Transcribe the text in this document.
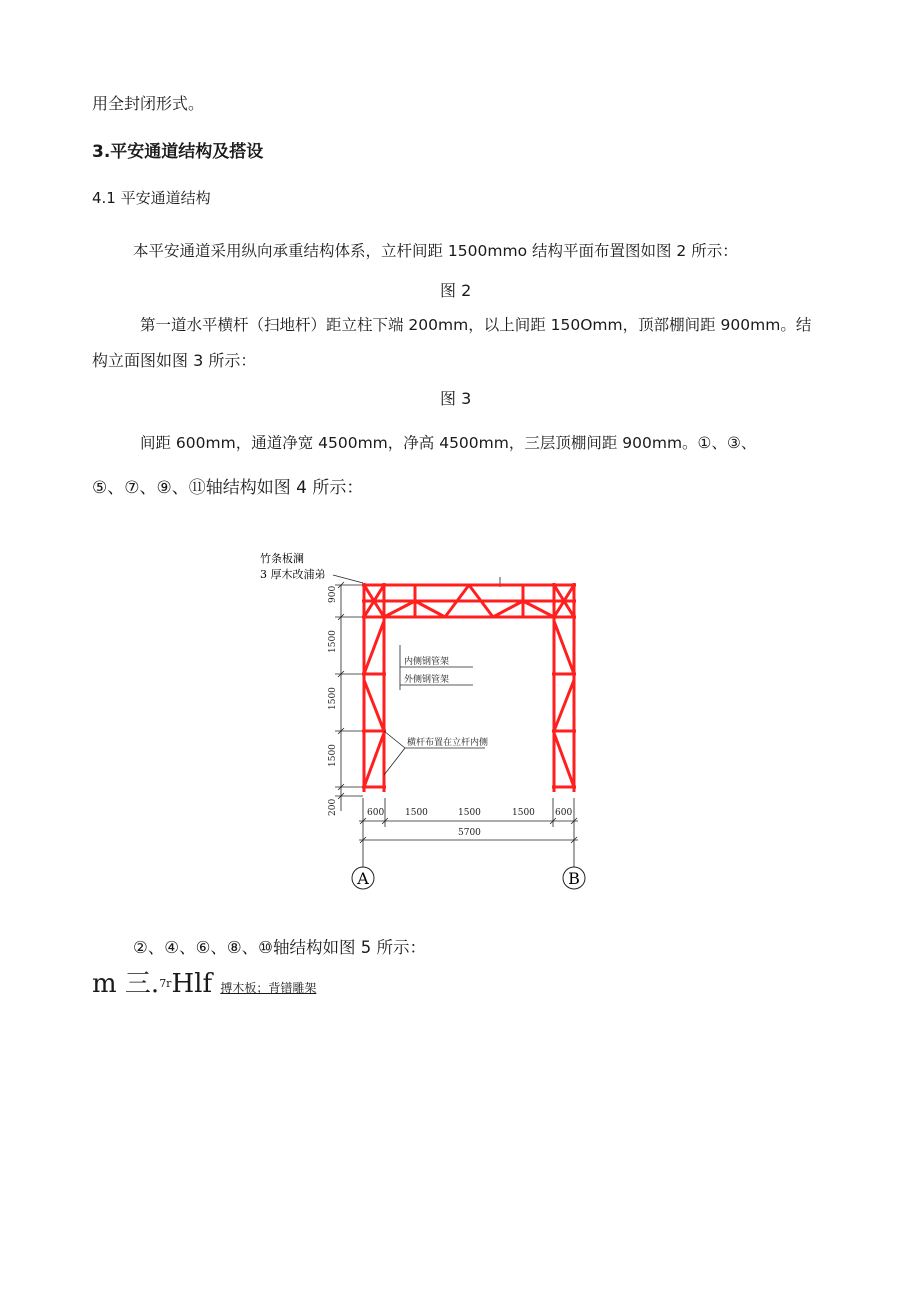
用全封闭形式。
3.平安通道结构及搭设
4.1 平安通道结构
本平安通道采用纵向承重结构体系，立杆间距 1500mmo 结构平面布置图如图 2 所示：
图 2
第一道水平横杆（扫地杆）距立柱下端 200mm，以上间距 150Omm，顶部棚间距 900mm。结
构立面图如图 3 所示：
图 3
间距 600mm，通道净宽 4500mm，净高 4500mm，三层顶棚间距 900mm。①、③、
⑤、⑦、⑨、⑪轴结构如图 4 所示：
竹条板澜
3 厚木改浦弟
900
1500
1500
1500
200
内侧钢管架
外侧钢管架
横杆布置在立杆内侧
600 1500	1500	1500 600
5700
A	B
②、④、⑥、⑧、⑩轴结构如图 5 所示：
m 三.$^{7r}$Hlf 搏木板；背镨雕架
